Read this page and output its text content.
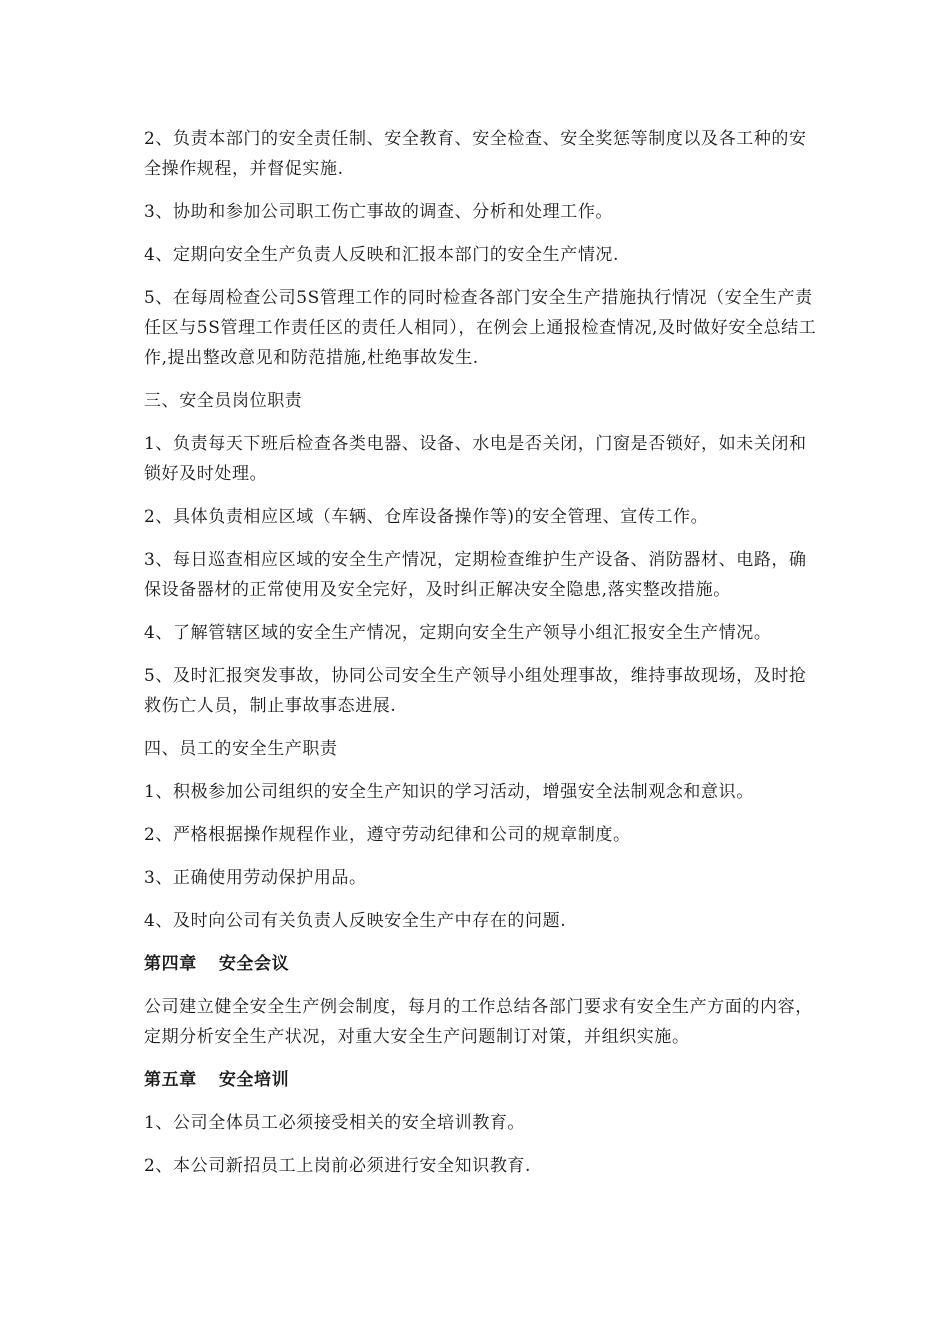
2、负责本部门的安全责任制、安全教育、安全检查、安全奖惩等制度以及各工种的安全操作规程，并督促实施.

3、协助和参加公司职工伤亡事故的调查、分析和处理工作。

4、定期向安全生产负责人反映和汇报本部门的安全生产情况.

5、在每周检查公司5S管理工作的同时检查各部门安全生产措施执行情况（安全生产责任区与5S管理工作责任区的责任人相同），在例会上通报检查情况,及时做好安全总结工作,提出整改意见和防范措施,杜绝事故发生.

三、安全员岗位职责

1、负责每天下班后检查各类电器、设备、水电是否关闭，门窗是否锁好，如未关闭和锁好及时处理。

2、具体负责相应区域（车辆、仓库设备操作等)的安全管理、宣传工作。

3、每日巡查相应区域的安全生产情况，定期检查维护生产设备、消防器材、电路，确保设备器材的正常使用及安全完好，及时纠正解决安全隐患,落实整改措施。

4、了解管辖区域的安全生产情况，定期向安全生产领导小组汇报安全生产情况。

5、及时汇报突发事故，协同公司安全生产领导小组处理事故，维持事故现场，及时抢救伤亡人员，制止事故事态进展.

四、员工的安全生产职责

1、积极参加公司组织的安全生产知识的学习活动，增强安全法制观念和意识。

2、严格根据操作规程作业，遵守劳动纪律和公司的规章制度。

3、正确使用劳动保护用品。

4、及时向公司有关负责人反映安全生产中存在的问题.

第四章 安全会议

公司建立健全安全生产例会制度，每月的工作总结各部门要求有安全生产方面的内容，定期分析安全生产状况，对重大安全生产问题制订对策，并组织实施。

第五章 安全培训

1、公司全体员工必须接受相关的安全培训教育。

2、本公司新招员工上岗前必须进行安全知识教育.
